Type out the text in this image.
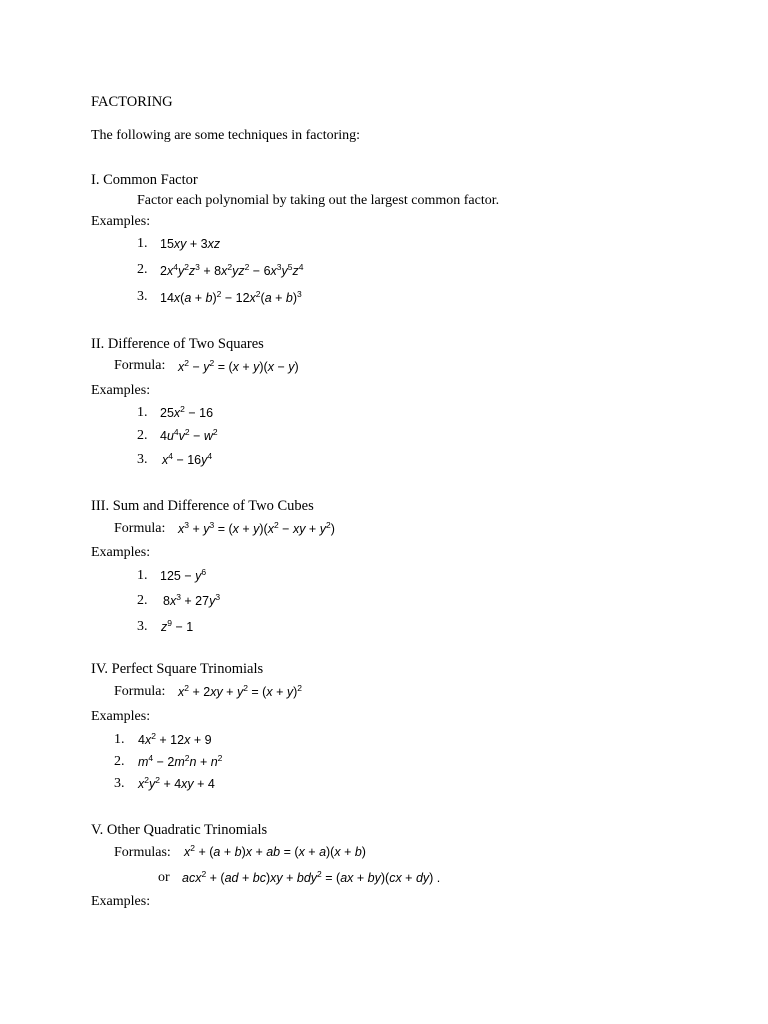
FACTORING
The following are some techniques in factoring:
I. Common Factor
Factor each polynomial by taking out the largest common factor.
Examples:
1. 15xy + 3xz
2. $2x^4y^2z^3 + 8x^2yz^2 - 6x^3y^5z^4$
3. $14x(a + b)^2 - 12x^2(a + b)^3$
II. Difference of Two Squares
Formula: $x^2 - y^2 = (x + y)(x - y)$
Examples:
1. $25x^2 - 16$
2. $4u^4v^2 - w^2$
3. $x^4 - 16y^4$
III. Sum and Difference of Two Cubes
Formula: $x^3 + y^3 = (x + y)(x^2$ − xy + $y^2$)
Examples:
1. $125 - y^6$
2. $8x^3 + 27y^3$
3. $z^9 - 1$
IV. Perfect Square Trinomials
Formula: $x^2 + 2xy + y^2 = (x + y)^2$
Examples:
1. $4x^2 + 12x + 9$
2. $m^4 - 2m^2n + n^2$
3. $x^2y^2 + 4xy + 4$
V. Other Quadratic Trinomials
Formulas: $x^2 + (a + b)x$ + ab = (x + a)(x + b)
or acx$^2$ + (ad + bc)xy + bdy$^2$ = (ax + by)(cx + dy) .
Examples:
